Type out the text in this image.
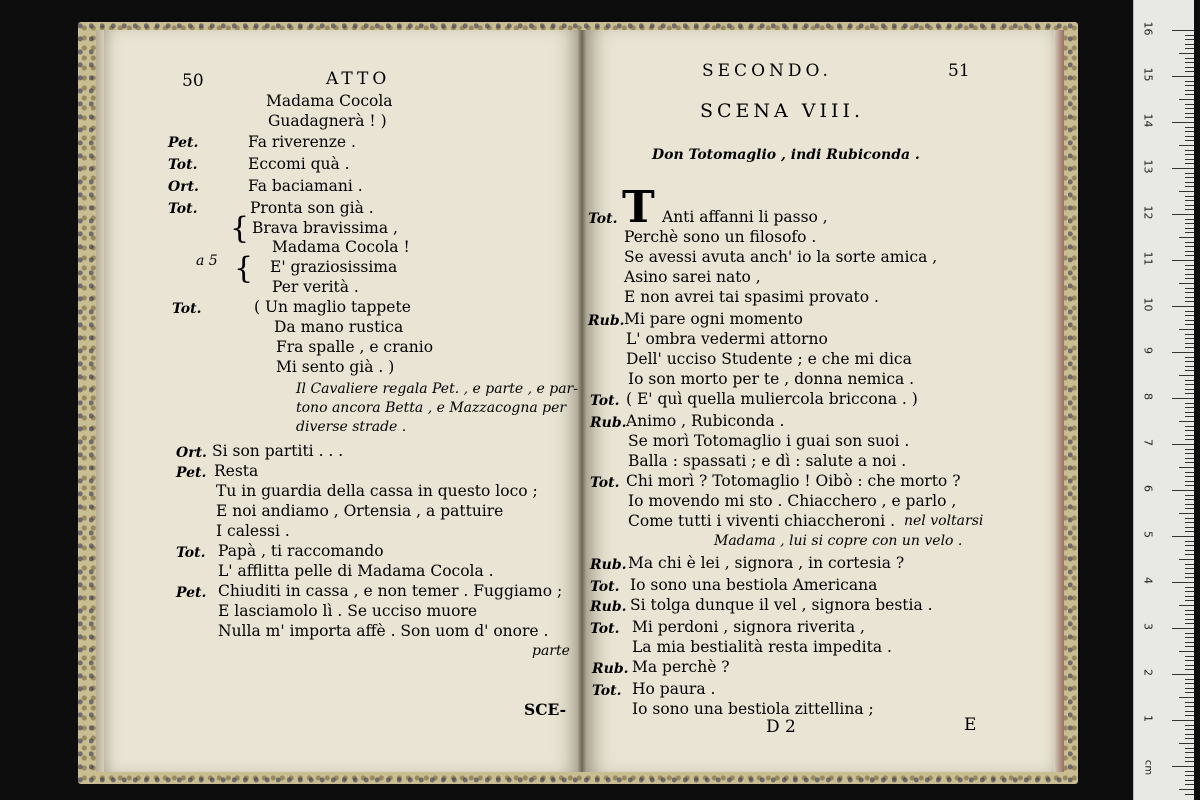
50	ATTO
Madama Cocola
Guadagnerà ! )
Pet.	Fa riverenze .
Tot.	Eccomi quà .
Ort.	Fa baciamani .
Tot.	Pronta son già .
{ Brava bravissima ,
Madama Cocola !
a 5 { E' graziosissima
Per verità .
Tot.	( Un maglio tappete
Da mano rustica
Fra spalle , e cranio
Mi sento già . )
Il Cavaliere regala Pet. , e parte , e par-
tono ancora Betta , e Mazzacogna per
diverse strade .
Ort. Si son partiti . . .
Pet. Resta
Tu in guardia della cassa in questo loco ;
E noi andiamo , Ortensia , a pattuire
I calessi .
Tot. Papà , ti raccomando
L' afflitta pelle di Madama Cocola .
Pet. Chiuditi in cassa , e non temer . Fuggiamo ;
E lasciamolo lì . Se ucciso muore
Nulla m' importa affè . Son uom d' onore .
parte
SCE-
SECONDO.	51
SCENA VIII.
Don Totomaglio , indi Rubiconda .
Tot. T Anti affanni li passo ,
Perchè sono un filosofo .
Se avessi avuta anch' io la sorte amica ,
Asino sarei nato ,
E non avrei tai spasimi provato .
Rub. Mi pare ogni momento
L' ombra vedermi attorno
Dell' ucciso Studente ; e che mi dica
Io son morto per te , donna nemica .
Tot. ( E' quì quella muliercola briccona . )
Rub. Animo , Rubiconda .
Se morì Totomaglio i guai son suoi .
Balla : spassati ; e dì : salute a noi .
Tot. Chi morì ? Totomaglio ! Oibò : che morto ?
Io movendo mi sto . Chiacchero , e parlo ,
Come tutti i viventi chiaccheroni . nel voltarsi
Madama , lui si copre con un velo .
Rub. Ma chi è lei , signora , in cortesia ?
Tot. Io sono una bestiola Americana
Rub. Si tolga dunque il vel , signora bestia .
Tot. Mi perdoni , signora riverita ,
La mia bestialità resta impedita .
Rub. Ma perchè ?
Tot. Ho paura .
Io sono una bestiola zittellina ;
D 2	E
16
15
14
13
12
11
10
9
8
7
6
5
4
3
2
1
cm
